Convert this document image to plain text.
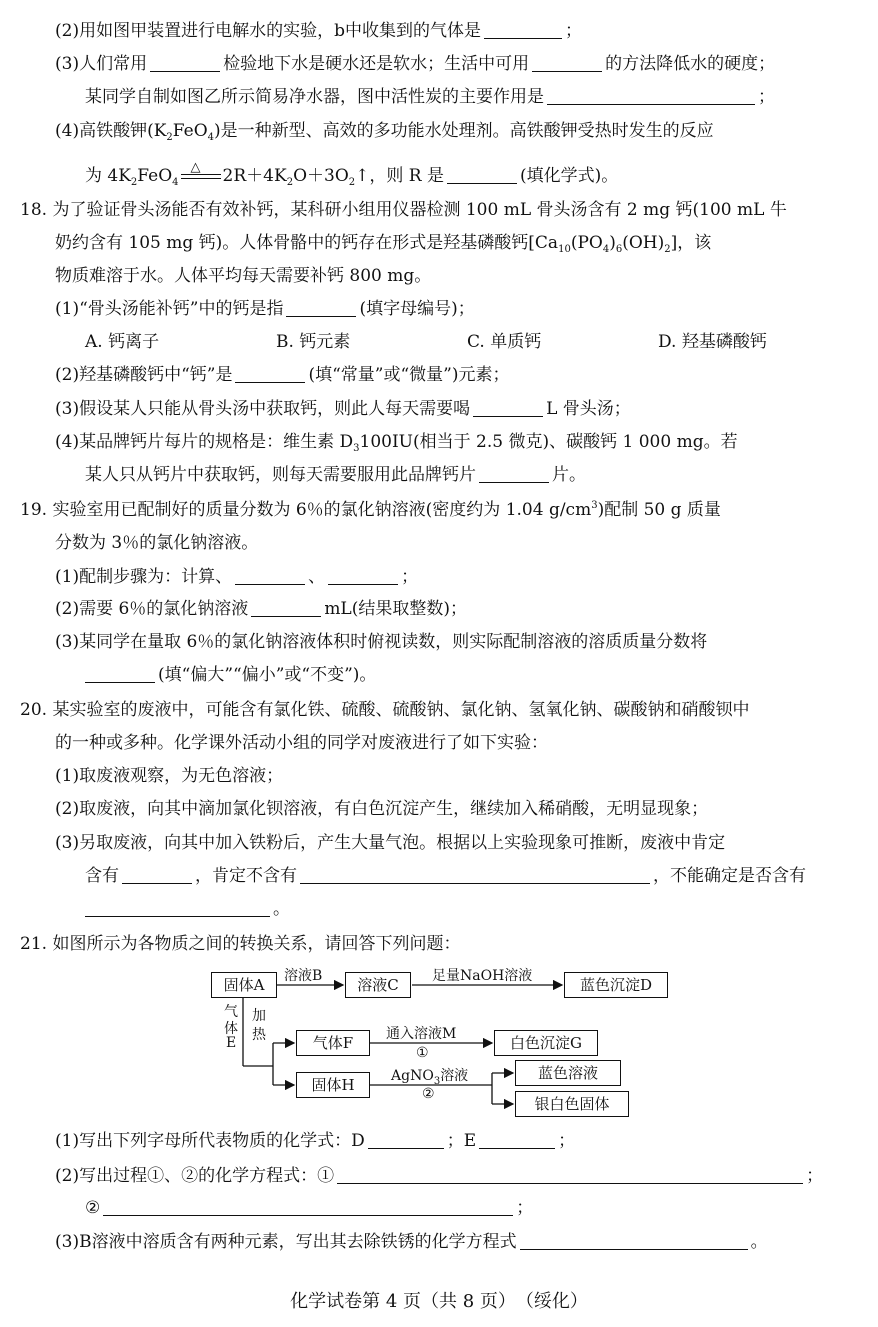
(2)用如图甲装置进行电解水的实验，b中收集到的气体是	；
(3)人们常用	检验地下水是硬水还是软水；生活中可用	的方法降低水的硬度；
某同学自制如图乙所示简易净水器，图中活性炭的主要作用是	；
(4)高铁酸钾$(K_2FeO_4)$是一种新型、高效的多功能水处理剂。高铁酸钾受热时发生的反应
为 $4K_2FeO_4$
△ $2R+4K_2O+3O_2↑$，则 R 是	(填化学式)。
18. 为了验证骨头汤能否有效补钙，某科研小组用仪器检测 100 mL 骨头汤含有 2 mg 钙(100 mL 牛
奶约含有 105 mg 钙)。人体骨骼中的钙存在形式是羟基磷酸钙$[Ca_{10}(PO_4)_6(OH)_2]$，该
物质难溶于水。人体平均每天需要补钙 800 mg。
(1)“骨头汤能补钙”中的钙是指	(填字母编号)；
A. 钙离子	B. 钙元素	C. 单质钙	D. 羟基磷酸钙
(2)羟基磷酸钙中“钙”是	(填“常量”或“微量”)元素；
(3)假设某人只能从骨头汤中获取钙，则此人每天需要喝	L 骨头汤；
(4)某品牌钙片每片的规格是：维生素 $D_3100IU$(相当于 2.5 微克)、碳酸钙 1 000 mg。若
某人只从钙片中获取钙，则每天需要服用此品牌钙片	片。
19. 实验室用已配制好的质量分数为 6％的氯化钠溶液(密度约为 1.04 $g/cm^3$)配制 50 g 质量
分数为 3％的氯化钠溶液。
(1)配制步骤为：计算、	、	；
(2)需要 6％的氯化钠溶液	mL(结果取整数)；
(3)某同学在量取 6％的氯化钠溶液体积时俯视读数，则实际配制溶液的溶质质量分数将
(填“偏大”“偏小”或“不变”)。
20. 某实验室的废液中，可能含有氯化铁、硫酸、硫酸钠、氯化钠、氢氧化钠、碳酸钠和硝酸钡中
的一种或多种。化学课外活动小组的同学对废液进行了如下实验：
(1)取废液观察，为无色溶液；
(2)取废液，向其中滴加氯化钡溶液，有白色沉淀产生，继续加入稀硝酸，无明显现象；
(3)另取废液，向其中加入铁粉后，产生大量气泡。根据以上实验现象可推断，废液中肯定
含有	，肯定不含有	，不能确定是否含有
。
21. 如图所示为各物质之间的转换关系，请回答下列问题：
固体A	溶液C	蓝色沉淀D
气体F	白色沉淀G
固体H
蓝色溶液
银白色固体
溶液B	足量NaOH溶液
气
体
E
加
热	通入溶液M
①
AgNO$_3$溶液
②
(1)写出下列字母所代表物质的化学式：D	；E	；
(2)写出过程①、②的化学方程式：①	；
②	；
(3)B溶液中溶质含有两种元素，写出其去除铁锈的化学方程式	。
化学试卷第 4 页（共 8 页）　（绥化）
